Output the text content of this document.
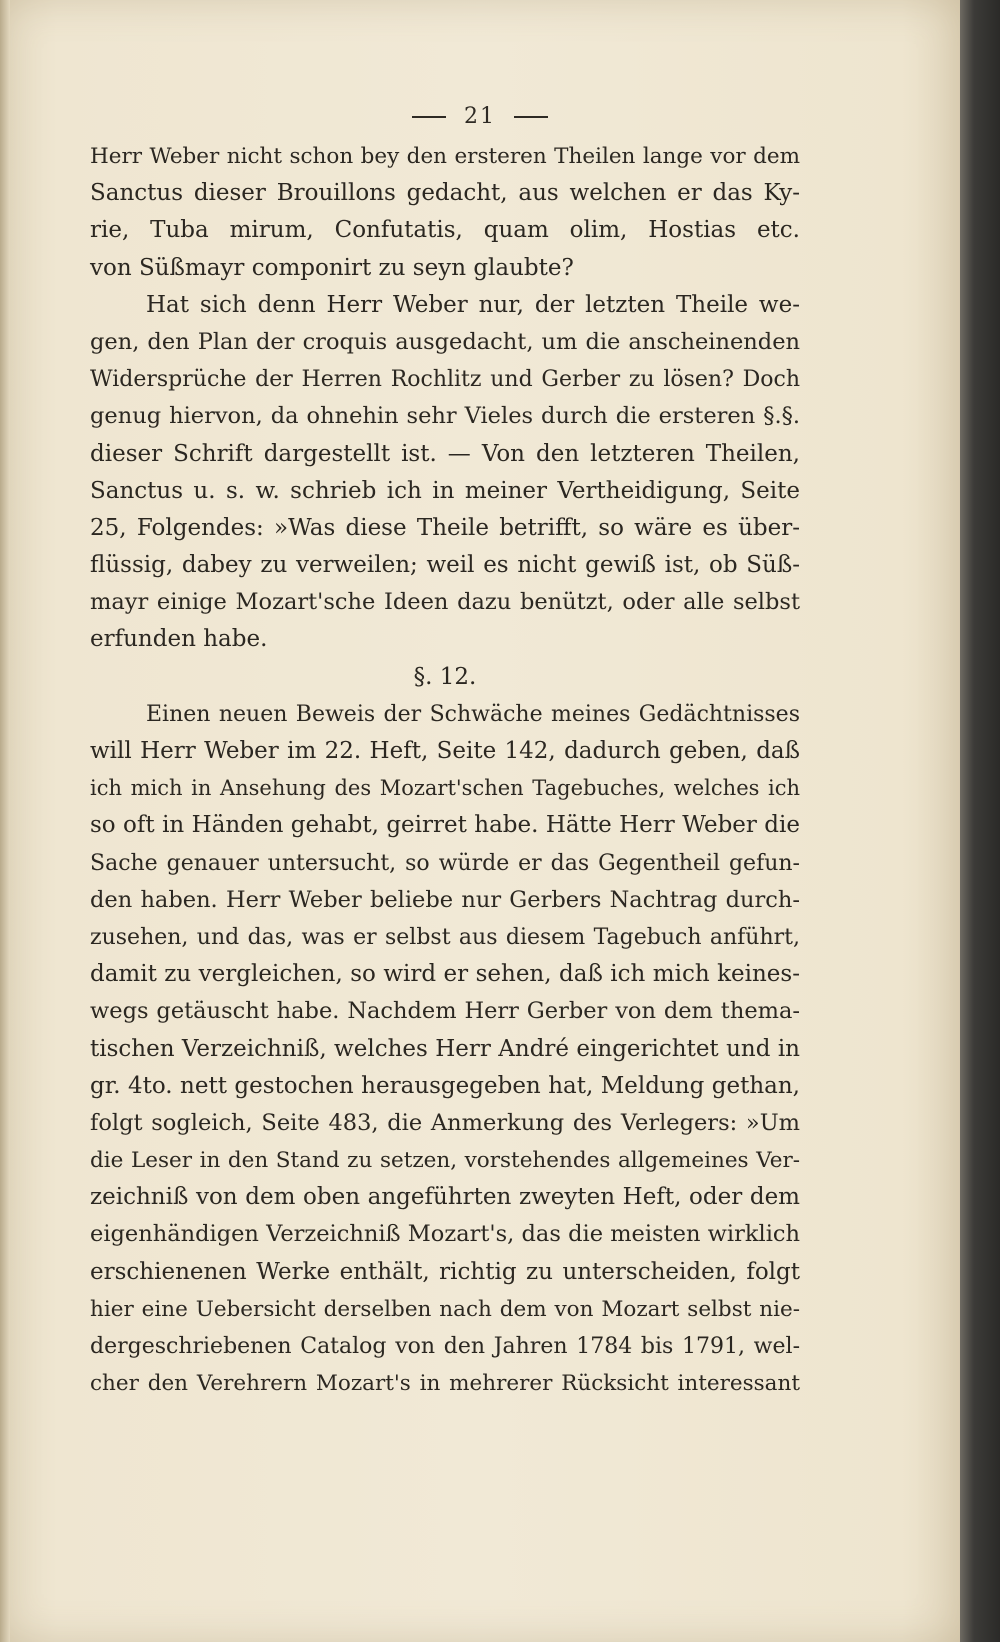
21
Herr Weber nicht schon bey den ersteren Theilen lange vor dem
Sanctus dieser Brouillons gedacht, aus welchen er das Ky-
rie, Tuba mirum, Confutatis, quam olim, Hostias etc.
von Süßmayr componirt zu seyn glaubte?
Hat sich denn Herr Weber nur, der letzten Theile we-
gen, den Plan der croquis ausgedacht, um die anscheinenden
Widersprüche der Herren Rochlitz und Gerber zu lösen? Doch
genug hiervon, da ohnehin sehr Vieles durch die ersteren §.§.
dieser Schrift dargestellt ist. — Von den letzteren Theilen,
Sanctus u. s. w. schrieb ich in meiner Vertheidigung, Seite
25, Folgendes: »Was diese Theile betrifft, so wäre es über-
flüssig, dabey zu verweilen; weil es nicht gewiß ist, ob Süß-
mayr einige Mozart'sche Ideen dazu benützt, oder alle selbst
erfunden habe.
§. 12.
Einen neuen Beweis der Schwäche meines Gedächtnisses
will Herr Weber im 22. Heft, Seite 142, dadurch geben, daß
ich mich in Ansehung des Mozart'schen Tagebuches, welches ich
so oft in Händen gehabt, geirret habe. Hätte Herr Weber die
Sache genauer untersucht, so würde er das Gegentheil gefun-
den haben. Herr Weber beliebe nur Gerbers Nachtrag durch-
zusehen, und das, was er selbst aus diesem Tagebuch anführt,
damit zu vergleichen, so wird er sehen, daß ich mich keines-
wegs getäuscht habe. Nachdem Herr Gerber von dem thema-
tischen Verzeichniß, welches Herr André eingerichtet und in
gr. 4to. nett gestochen herausgegeben hat, Meldung gethan,
folgt sogleich, Seite 483, die Anmerkung des Verlegers: »Um
die Leser in den Stand zu setzen, vorstehendes allgemeines Ver-
zeichniß von dem oben angeführten zweyten Heft, oder dem
eigenhändigen Verzeichniß Mozart's, das die meisten wirklich
erschienenen Werke enthält, richtig zu unterscheiden, folgt
hier eine Uebersicht derselben nach dem von Mozart selbst nie-
dergeschriebenen Catalog von den Jahren 1784 bis 1791, wel-
cher den Verehrern Mozart's in mehrerer Rücksicht interessant
